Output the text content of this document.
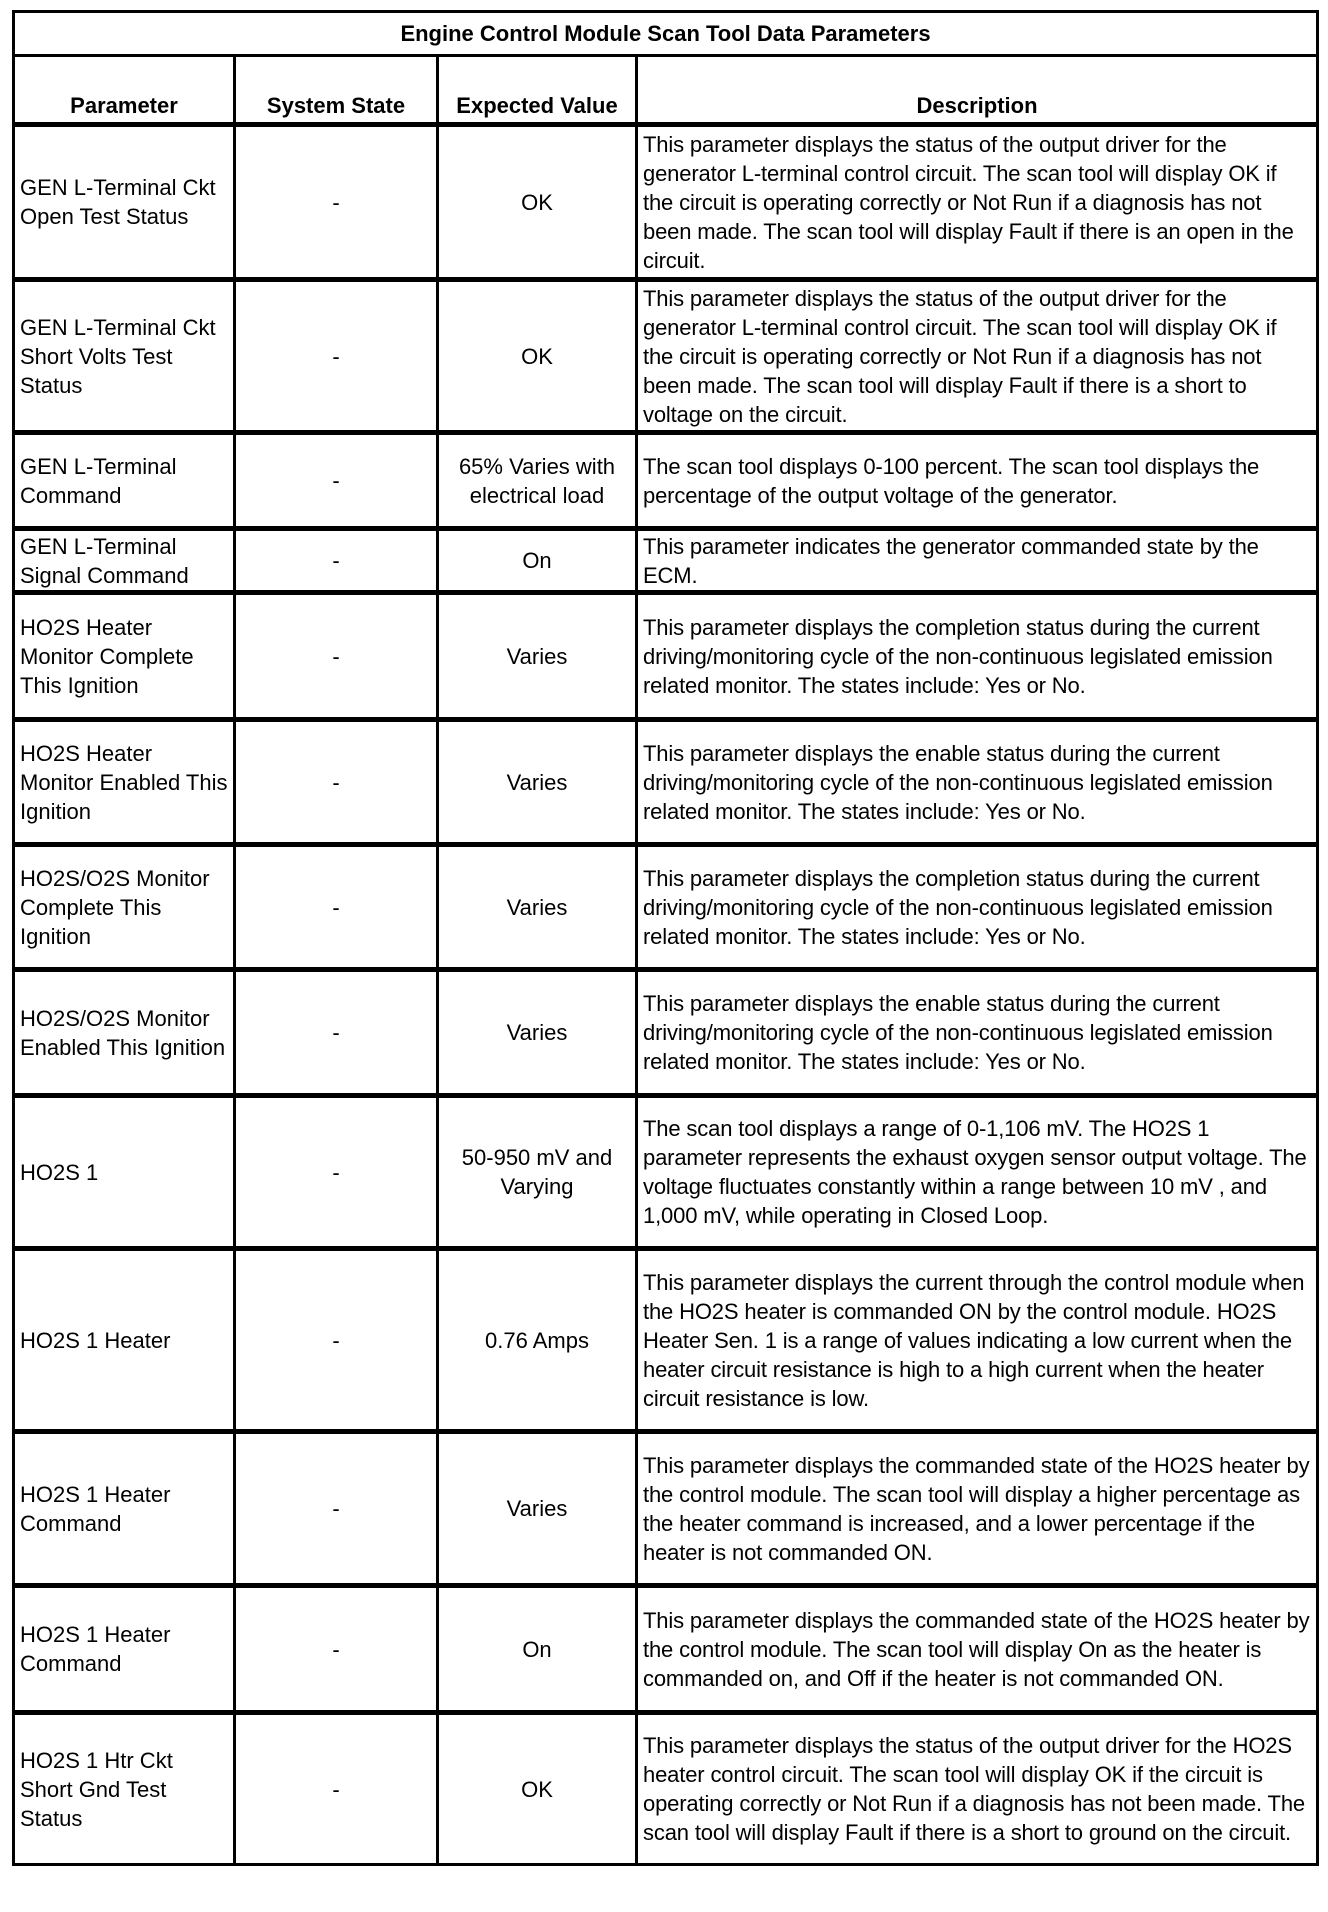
Engine Control Module Scan Tool Data Parameters			
Parameter	System State	Expected Value	Description
GEN L-Terminal Ckt Open Test Status	-	OK	This parameter displays the status of the output driver for the generator L-terminal control circuit. The scan tool will display OK if the circuit is operating correctly or Not Run if a diagnosis has not been made. The scan tool will display Fault if there is an open in the circuit.
GEN L-Terminal Ckt Short Volts Test Status	-	OK	This parameter displays the status of the output driver for the generator L-terminal control circuit. The scan tool will display OK if the circuit is operating correctly or Not Run if a diagnosis has not been made. The scan tool will display Fault if there is a short to voltage on the circuit.
GEN L-Terminal Command	-	65% Varies with electrical load	The scan tool displays 0-100 percent. The scan tool displays the percentage of the output voltage of the generator.
GEN L-Terminal Signal Command	-	On	This parameter indicates the generator commanded state by the ECM.
HO2S Heater Monitor Complete This Ignition	-	Varies	This parameter displays the completion status during the current driving/monitoring cycle of the non-continuous legislated emission related monitor. The states include: Yes or No.
HO2S Heater Monitor Enabled This Ignition	-	Varies	This parameter displays the enable status during the current driving/monitoring cycle of the non-continuous legislated emission related monitor. The states include: Yes or No.
HO2S/O2S Monitor Complete This Ignition	-	Varies	This parameter displays the completion status during the current driving/monitoring cycle of the non-continuous legislated emission related monitor. The states include: Yes or No.
HO2S/O2S Monitor Enabled This Ignition	-	Varies	This parameter displays the enable status during the current driving/monitoring cycle of the non-continuous legislated emission related monitor. The states include: Yes or No.
HO2S 1	-	50-950 mV and Varying	The scan tool displays a range of 0-1,106 mV. The HO2S 1 parameter represents the exhaust oxygen sensor output voltage. The voltage fluctuates constantly within a range between 10 mV , and 1,000 mV, while operating in Closed Loop.
HO2S 1 Heater	-	0.76 Amps	This parameter displays the current through the control module when the HO2S heater is commanded ON by the control module. HO2S Heater Sen. 1 is a range of values indicating a low current when the heater circuit resistance is high to a high current when the heater circuit resistance is low.
HO2S 1 Heater Command	-	Varies	This parameter displays the commanded state of the HO2S heater by the control module. The scan tool will display a higher percentage as the heater command is increased, and a lower percentage if the heater is not commanded ON.
HO2S 1 Heater Command	-	On	This parameter displays the commanded state of the HO2S heater by the control module. The scan tool will display On as the heater is commanded on, and Off if the heater is not commanded ON.
HO2S 1 Htr Ckt Short Gnd Test Status	-	OK	This parameter displays the status of the output driver for the HO2S heater control circuit. The scan tool will display OK if the circuit is operating correctly or Not Run if a diagnosis has not been made. The scan tool will display Fault if there is a short to ground on the circuit.
